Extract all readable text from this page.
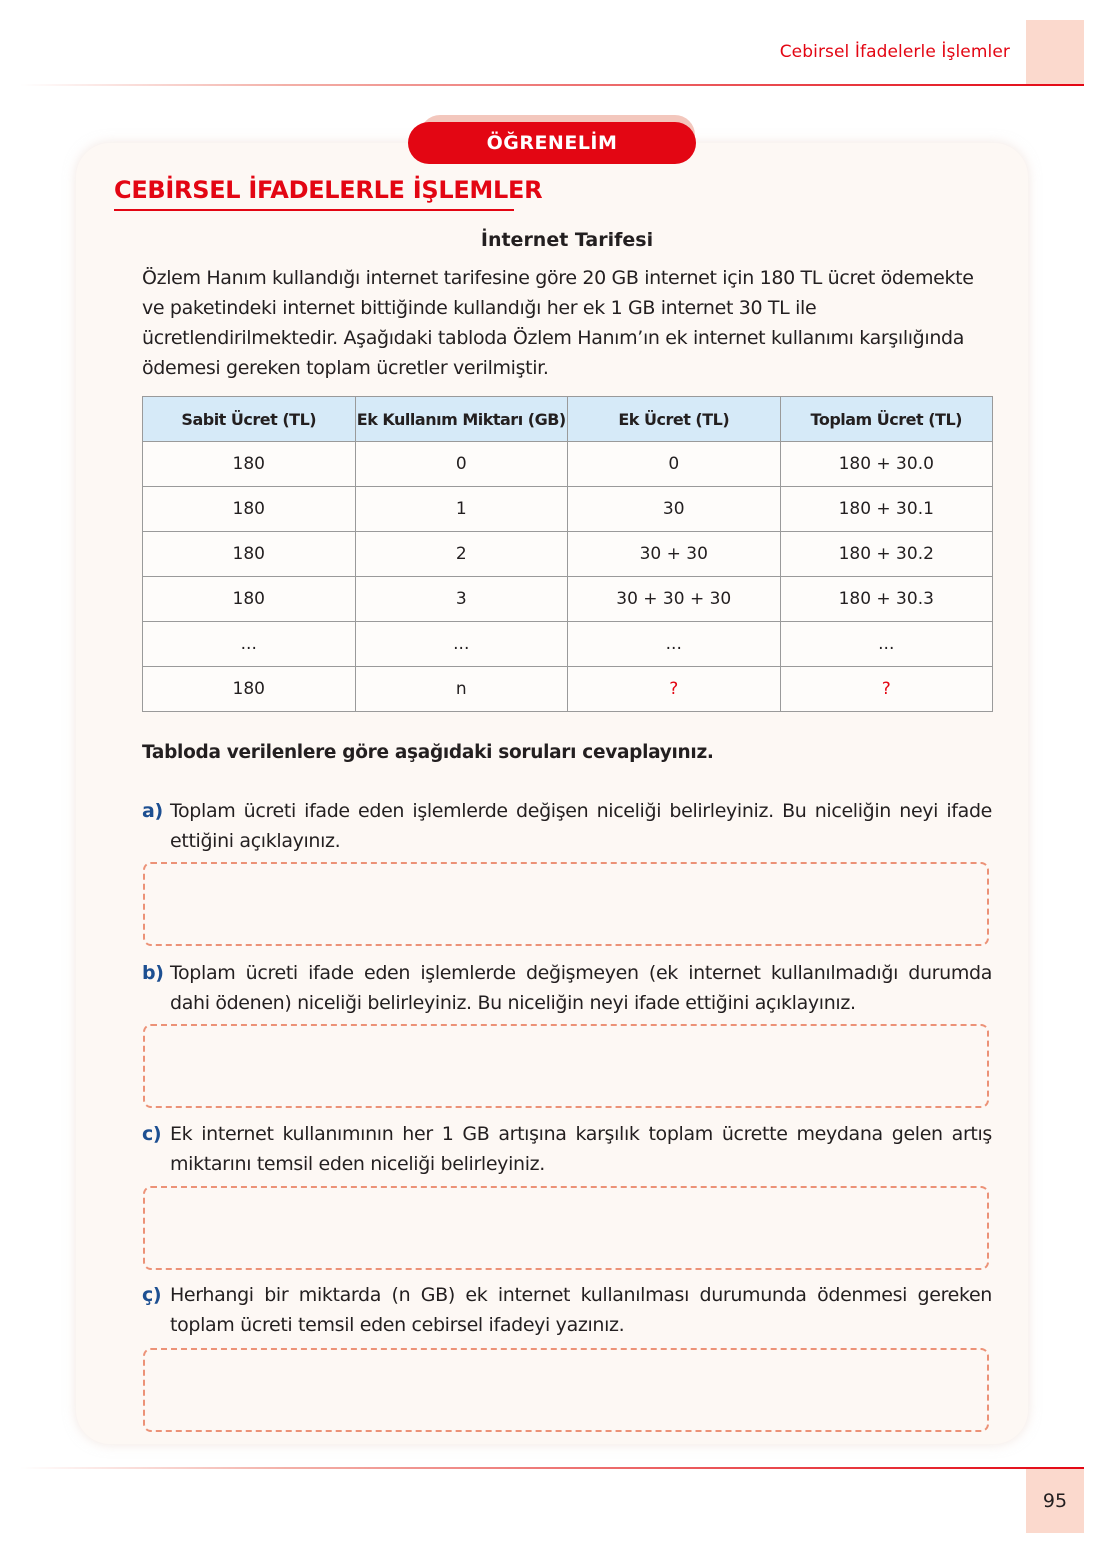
Cebirsel İfadelerle İşlemler
ÖĞRENELİM
CEBİRSEL İFADELERLE İŞLEMLER
İnternet Tarifesi

Özlem Hanım kullandığı internet tarifesine göre 20 GB internet için 180 TL ücret ödemekte ve paketindeki internet bittiğinde kullandığı her ek 1 GB internet 30 TL ile ücretlendirilmektedir. Aşağıdaki tabloda Özlem Hanım’ın ek internet kullanımı karşılığında ödemesi gereken toplam ücretler verilmiştir.

Sabit Ücret (TL)	Ek Kullanım Miktarı (GB)	Ek Ücret (TL)	Toplam Ücret (TL)
180	0	0	180 + 30.0
180	1	30	180 + 30.1
180	2	30 + 30	180 + 30.2
180	3	30 + 30 + 30	180 + 30.3
...	...	...	...
180	n	?	?
Tabloda verilenlere göre aşağıdaki soruları cevaplayınız.
a) Toplam ücreti ifade eden işlemlerde değişen niceliği belirleyiniz. Bu niceliğin neyi ifade ettiğini açıklayınız.
b) Toplam ücreti ifade eden işlemlerde değişmeyen (ek internet kullanılmadığı durumda dahi ödenen) niceliği belirleyiniz. Bu niceliğin neyi ifade ettiğini açıklayınız.
c) Ek internet kullanımının her 1 GB artışına karşılık toplam ücrette meydana gelen artış miktarını temsil eden niceliği belirleyiniz.
ç) Herhangi bir miktarda (n GB) ek internet kullanılması durumunda ödenmesi gereken toplam ücreti temsil eden cebirsel ifadeyi yazınız.
95
